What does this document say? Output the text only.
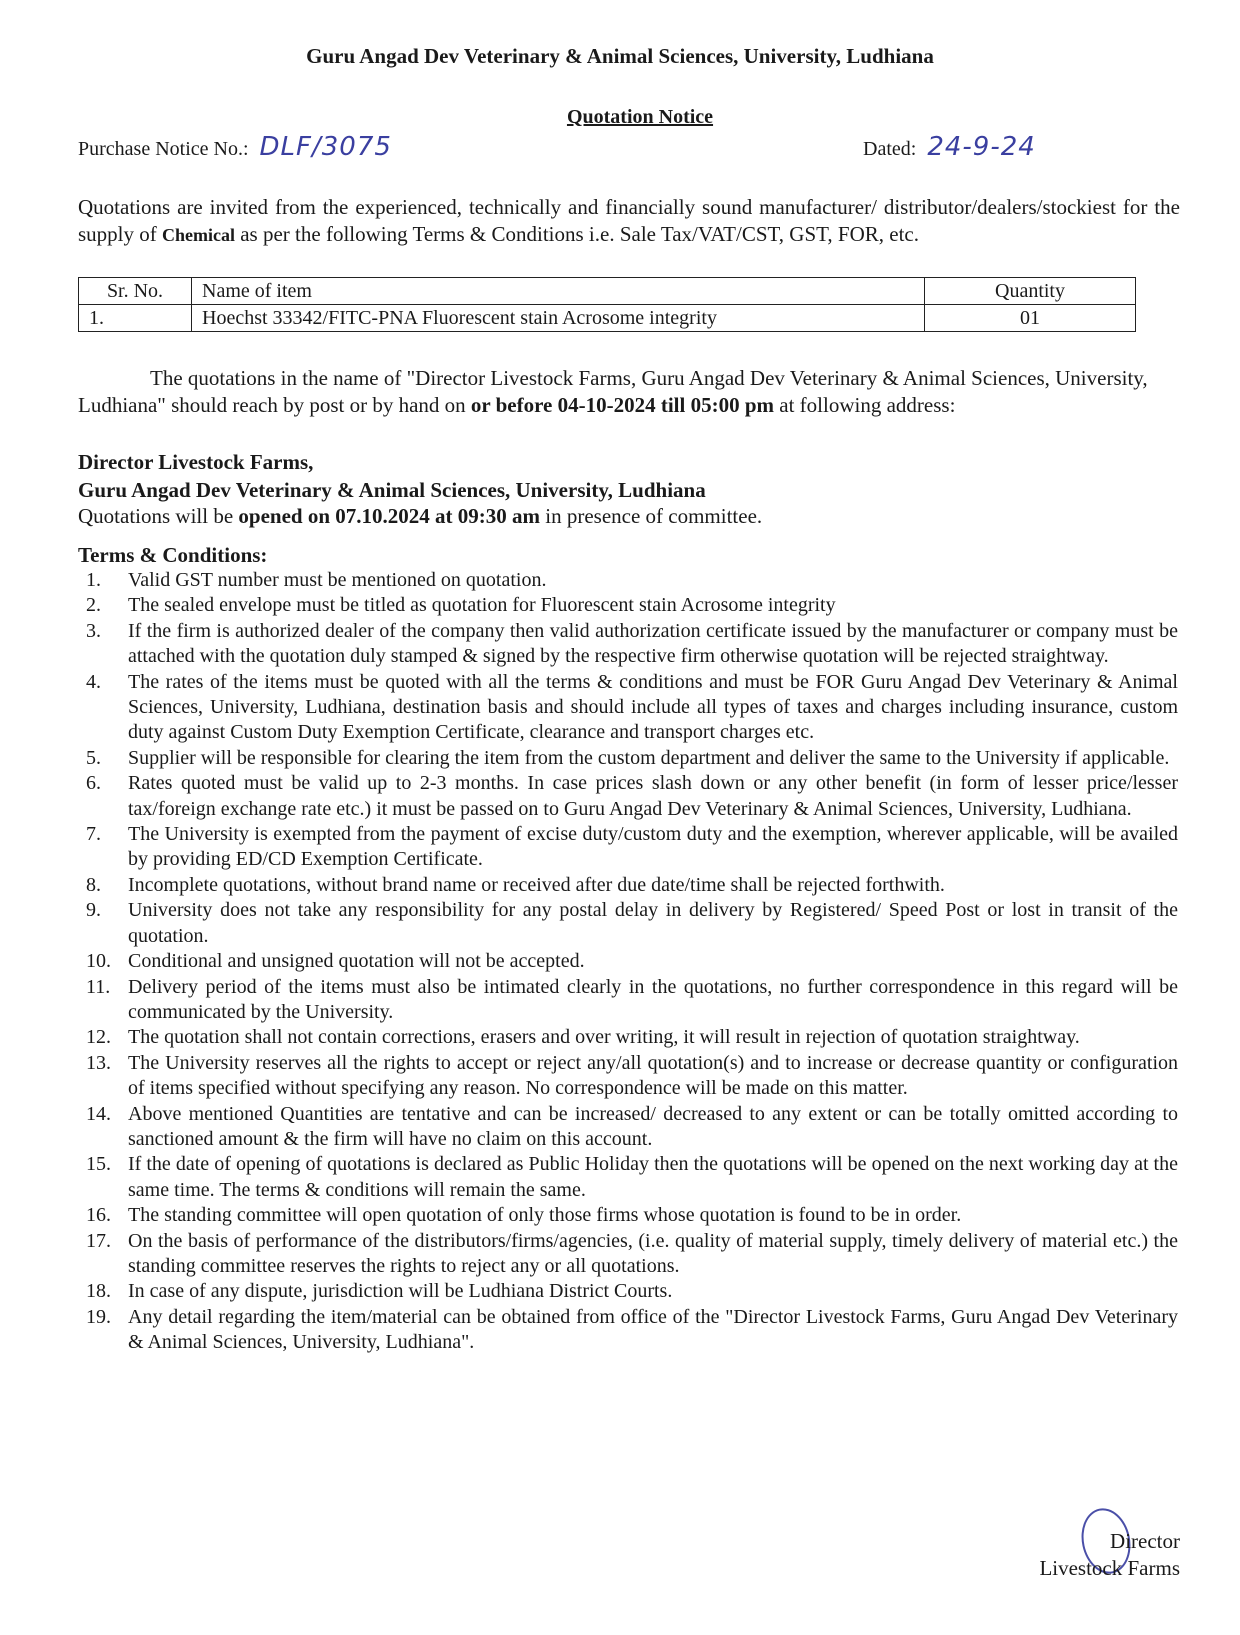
Guru Angad Dev Veterinary & Animal Sciences, University, Ludhiana
Quotation Notice
Purchase Notice No.: DLF/3075	Dated: 24-9-24
Quotations are invited from the experienced, technically and financially sound manufacturer/ distributor/dealers/stockiest for the supply of Chemical as per the following Terms & Conditions i.e. Sale Tax/VAT/CST, GST, FOR, etc.
Sr. No.	Name of item	Quantity
1.	Hoechst 33342/FITC-PNA Fluorescent stain Acrosome integrity	01
The quotations in the name of "Director Livestock Farms, Guru Angad Dev Veterinary & Animal Sciences, University, Ludhiana" should reach by post or by hand on or before 04-10-2024 till 05:00 pm at following address:
Director Livestock Farms,
Guru Angad Dev Veterinary & Animal Sciences, University, Ludhiana
Quotations will be opened on 07.10.2024 at 09:30 am in presence of committee.
Terms & Conditions:
1. Valid GST number must be mentioned on quotation.
2. The sealed envelope must be titled as quotation for Fluorescent stain Acrosome integrity
3. If the firm is authorized dealer of the company then valid authorization certificate issued by the manufacturer or company must be attached with the quotation duly stamped & signed by the respective firm otherwise quotation will be rejected straightway.
4. The rates of the items must be quoted with all the terms & conditions and must be FOR Guru Angad Dev Veterinary & Animal Sciences, University, Ludhiana, destination basis and should include all types of taxes and charges including insurance, custom duty against Custom Duty Exemption Certificate, clearance and transport charges etc.
5. Supplier will be responsible for clearing the item from the custom department and deliver the same to the University if applicable.
6. Rates quoted must be valid up to 2-3 months. In case prices slash down or any other benefit (in form of lesser price/lesser tax/foreign exchange rate etc.) it must be passed on to Guru Angad Dev Veterinary & Animal Sciences, University, Ludhiana.
7. The University is exempted from the payment of excise duty/custom duty and the exemption, wherever applicable, will be availed by providing ED/CD Exemption Certificate.
8. Incomplete quotations, without brand name or received after due date/time shall be rejected forthwith.
9. University does not take any responsibility for any postal delay in delivery by Registered/ Speed Post or lost in transit of the quotation.
10. Conditional and unsigned quotation will not be accepted.
11. Delivery period of the items must also be intimated clearly in the quotations, no further correspondence in this regard will be communicated by the University.
12. The quotation shall not contain corrections, erasers and over writing, it will result in rejection of quotation straightway.
13. The University reserves all the rights to accept or reject any/all quotation(s) and to increase or decrease quantity or configuration of items specified without specifying any reason. No correspondence will be made on this matter.
14. Above mentioned Quantities are tentative and can be increased/ decreased to any extent or can be totally omitted according to sanctioned amount & the firm will have no claim on this account.
15. If the date of opening of quotations is declared as Public Holiday then the quotations will be opened on the next working day at the same time. The terms & conditions will remain the same.
16. The standing committee will open quotation of only those firms whose quotation is found to be in order.
17. On the basis of performance of the distributors/firms/agencies, (i.e. quality of material supply, timely delivery of material etc.) the standing committee reserves the rights to reject any or all quotations.
18. In case of any dispute, jurisdiction will be Ludhiana District Courts.
19. Any detail regarding the item/material can be obtained from office of the "Director Livestock Farms, Guru Angad Dev Veterinary & Animal Sciences, University, Ludhiana".
Director
Livestock Farms
